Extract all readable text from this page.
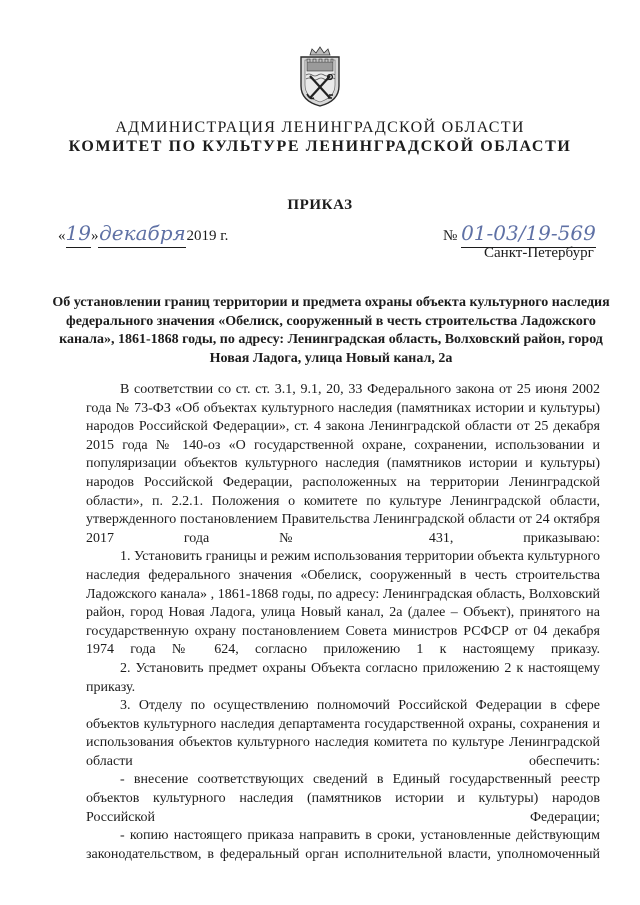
АДМИНИСТРАЦИЯ ЛЕНИНГРАДСКОЙ ОБЛАСТИ
КОМИТЕТ ПО КУЛЬТУРЕ ЛЕНИНГРАДСКОЙ ОБЛАСТИ
ПРИКАЗ
«19»декабря2019 г.	№ 01-03/19-569
Санкт-Петербург
Об установлении границ территории и предмета охраны объекта культурного наследия федерального значения «Обелиск, сооруженный в честь строительства Ладожского канала», 1861-1868 годы, по адресу: Ленинградская область, Волховский район, город Новая Ладога, улица Новый канал, 2а

В соответствии со ст. ст. 3.1, 9.1, 20, 33 Федерального закона от 25 июня 2002 года № 73-ФЗ «Об объектах культурного наследия (памятниках истории и культуры) народов Российской Федерации», ст. 4 закона Ленинградской области от 25 декабря 2015 года № 140-оз «О государственной охране, сохранении, использовании и популяризации объектов культурного наследия (памятников истории и культуры) народов Российской Федерации, расположенных на территории Ленинградской области», п. 2.2.1. Положения о комитете по культуре Ленинградской области, утвержденного постановлением Правительства Ленинградской области от 24 октября 2017 года № 431, приказываю:

1. Установить границы и режим использования территории объекта культурного наследия федерального значения «Обелиск, сооруженный в честь строительства Ладожского канала» , 1861-1868 годы, по адресу: Ленинградская область, Волховский район, город Новая Ладога, улица Новый канал, 2а (далее – Объект), принятого на государственную охрану постановлением Совета министров РСФСР от 04 декабря 1974 года № 624, согласно приложению 1 к настоящему приказу.

2. Установить предмет охраны Объекта согласно приложению 2 к настоящему приказу.

3. Отделу по осуществлению полномочий Российской Федерации в сфере объектов культурного наследия департамента государственной охраны, сохранения и использования объектов культурного наследия комитета по культуре Ленинградской области обеспечить:

- внесение соответствующих сведений в Единый государственный реестр объектов культурного наследия (памятников истории и культуры) народов Российской Федерации;

- копию настоящего приказа направить в сроки, установленные действующим законодательством, в федеральный орган исполнительной власти, уполномоченный
